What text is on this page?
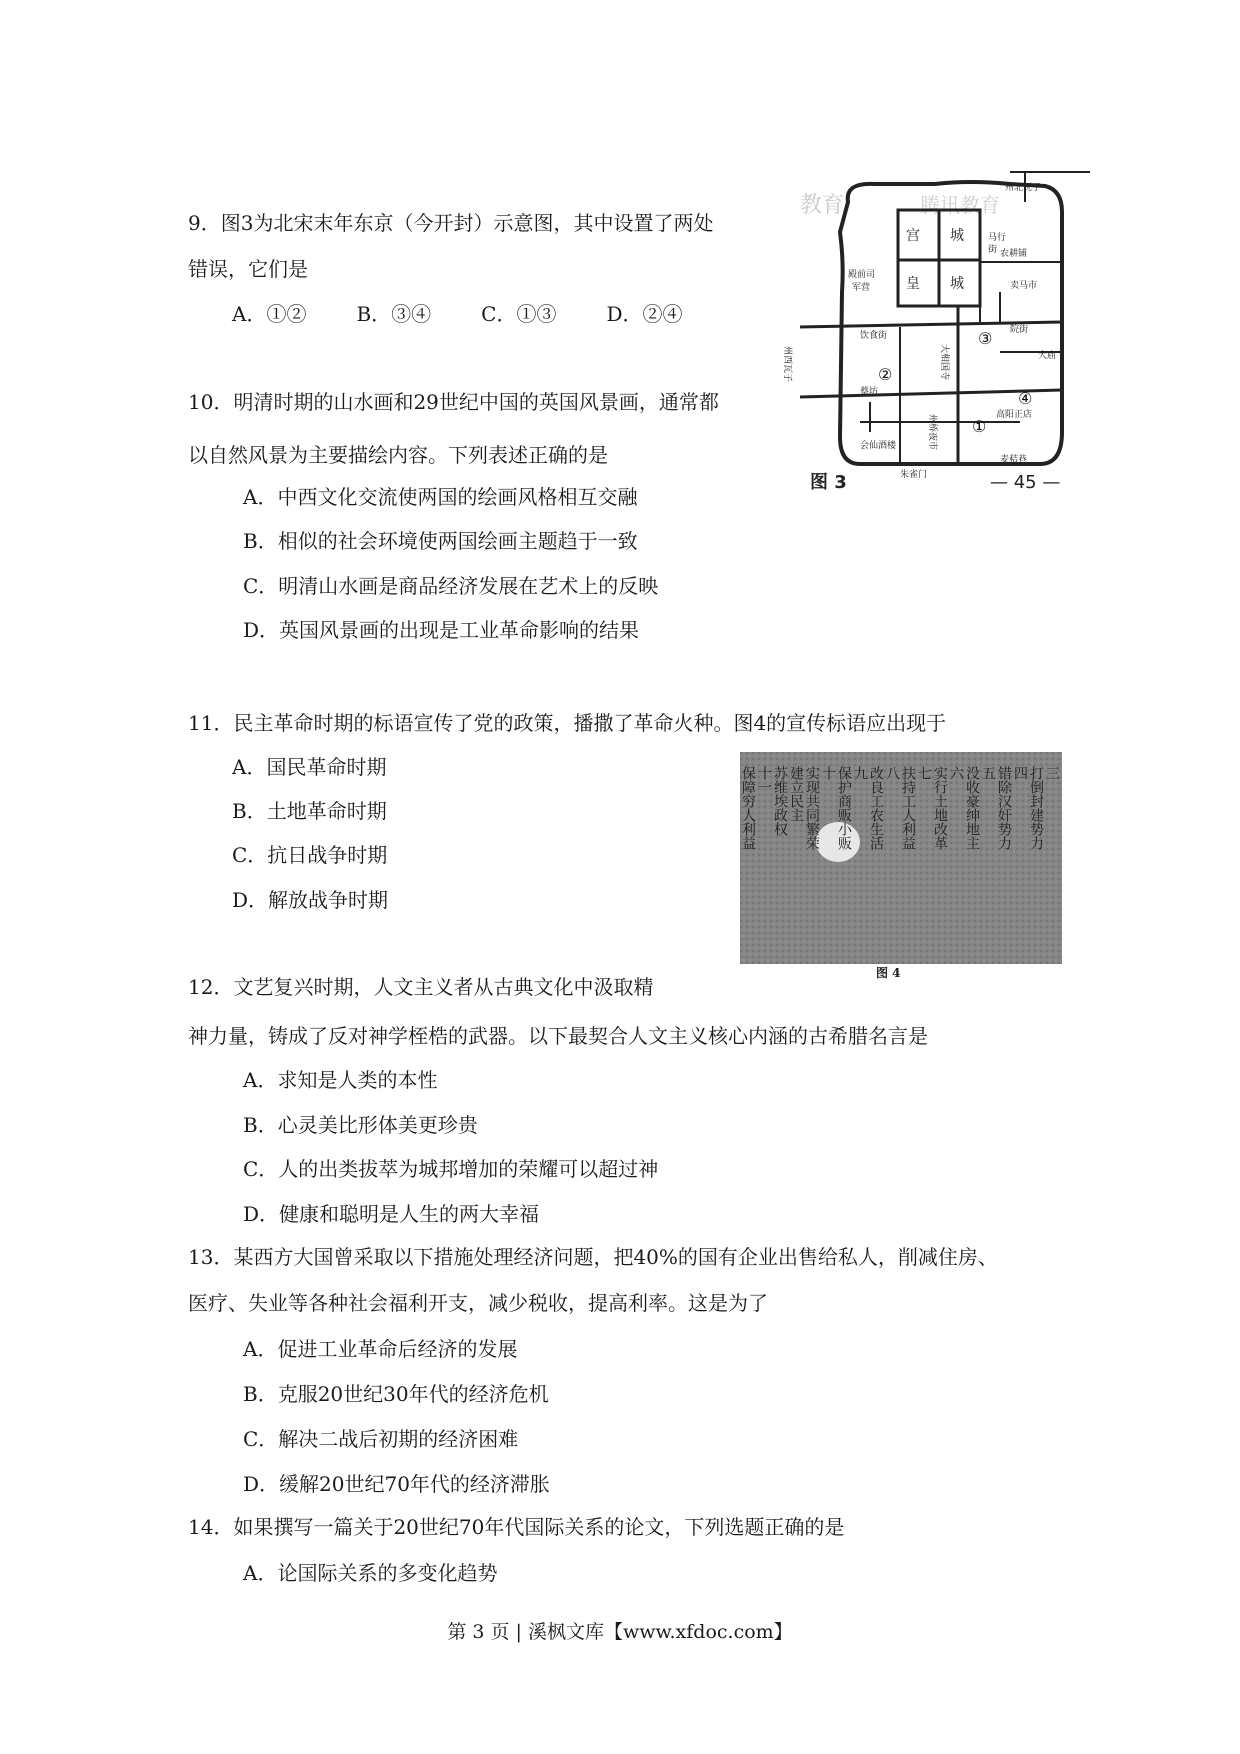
9．图3为北宋末年东京（今开封）示意图，其中设置了两处
错误，它们是
A．①②	B．③④	C．①③	D．②④
教育	腾讯教育
宫 城
皇 城
州北瓦子
马行
街 农耕铺
卖马市
殿前司
军营
饮食街
州西瓦子	大相国寺
州桥夜市
会仙酒楼
朱雀门
院街
大庙
高阳正店
麦秸巷
蔡坊
①
②
③
④
图 3	— 45 —
10．明清时期的山水画和29世纪中国的英国风景画，通常都
以自然风景为主要描绘内容。下列表述正确的是
A．中西文化交流使两国的绘画风格相互交融
B．相似的社会环境使两国绘画主题趋于一致
C．明清山水画是商品经济发展在艺术上的反映
D．英国风景画的出现是工业革命影响的结果
11．民主革命时期的标语宣传了党的政策，播撒了革命火种。图4的宣传标语应出现于
A．国民革命时期
B．土地革命时期
C．抗日战争时期
D．解放战争时期
三
打倒封建势力
四
错除汉奸势力
五
没收豪绅地主
六
实行土地改革
七
扶持工人利益
八
改良工农生活
九
保护商贩小贩
十
实现共同繁荣
建立民主
苏维埃政权
十一
保障穷人利益
图 4
12．文艺复兴时期，人文主义者从古典文化中汲取精
神力量，铸成了反对神学桎梏的武器。以下最契合人文主义核心内涵的古希腊名言是
A．求知是人类的本性
B．心灵美比形体美更珍贵
C．人的出类拔萃为城邦增加的荣耀可以超过神
D．健康和聪明是人生的两大幸福
13．某西方大国曾采取以下措施处理经济问题，把40%的国有企业出售给私人，削减住房、
医疗、失业等各种社会福利开支，减少税收，提高利率。这是为了
A．促进工业革命后经济的发展
B．克服20世纪30年代的经济危机
C．解决二战后初期的经济困难
D．缓解20世纪70年代的经济滞胀
14．如果撰写一篇关于20世纪70年代国际关系的论文，下列选题正确的是
A．论国际关系的多变化趋势
第 3 页 | 溪枫文库【www.xfdoc.com】
